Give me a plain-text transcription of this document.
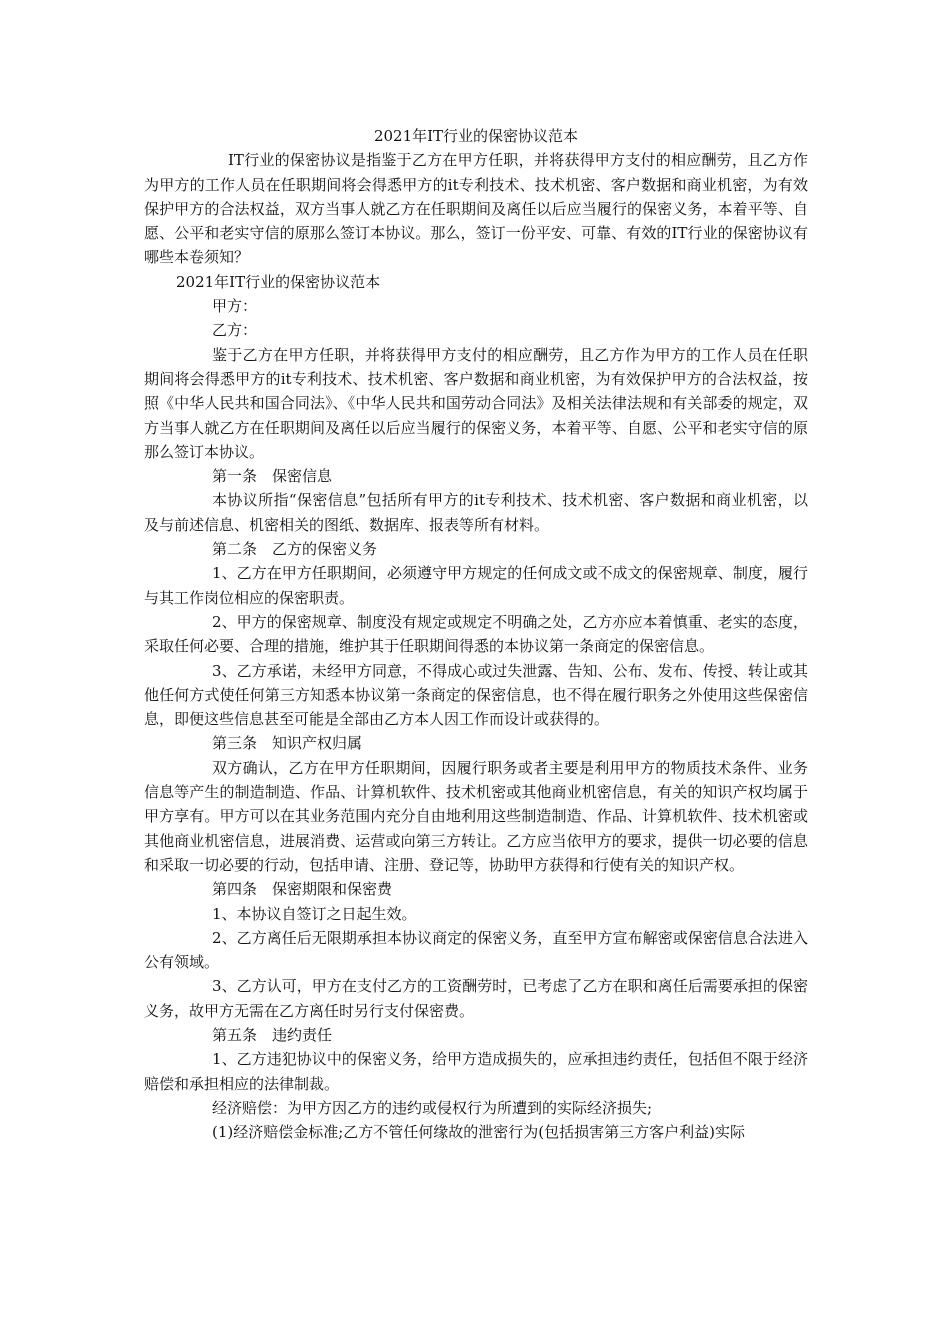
2021年IT行业的保密协议范本

IT行业的保密协议是指鉴于乙方在甲方任职，并将获得甲方支付的相应酬劳，且乙方作为甲方的工作人员在任职期间将会得悉甲方的it专利技术、技术机密、客户数据和商业机密，为有效保护甲方的合法权益，双方当事人就乙方在任职期间及离任以后应当履行的保密义务，本着平等、自愿、公平和老实守信的原那么签订本协议。那么，签订一份平安、可靠、有效的IT行业的保密协议有哪些本卷须知？

2021年IT行业的保密协议范本

甲方：

乙方：

鉴于乙方在甲方任职，并将获得甲方支付的相应酬劳，且乙方作为甲方的工作人员在任职期间将会得悉甲方的it专利技术、技术机密、客户数据和商业机密，为有效保护甲方的合法权益，按照《中华人民共和国合同法》、《中华人民共和国劳动合同法》及相关法律法规和有关部委的规定，双方当事人就乙方在任职期间及离任以后应当履行的保密义务，本着平等、自愿、公平和老实守信的原那么签订本协议。

第一条　保密信息

本协议所指“保密信息”包括所有甲方的it专利技术、技术机密、客户数据和商业机密，以及与前述信息、机密相关的图纸、数据库、报表等所有材料。

第二条　乙方的保密义务

1、乙方在甲方任职期间，必须遵守甲方规定的任何成文或不成文的保密规章、制度，履行与其工作岗位相应的保密职责。

2、甲方的保密规章、制度没有规定或规定不明确之处，乙方亦应本着慎重、老实的态度，采取任何必要、合理的措施，维护其于任职期间得悉的本协议第一条商定的保密信息。

3、乙方承诺，未经甲方同意，不得成心或过失泄露、告知、公布、发布、传授、转让或其他任何方式使任何第三方知悉本协议第一条商定的保密信息，也不得在履行职务之外使用这些保密信息，即便这些信息甚至可能是全部由乙方本人因工作而设计或获得的。

第三条　知识产权归属

双方确认，乙方在甲方任职期间，因履行职务或者主要是利用甲方的物质技术条件、业务信息等产生的制造制造、作品、计算机软件、技术机密或其他商业机密信息，有关的知识产权均属于甲方享有。甲方可以在其业务范围内充分自由地利用这些制造制造、作品、计算机软件、技术机密或其他商业机密信息，进展消费、运营或向第三方转让。乙方应当依甲方的要求，提供一切必要的信息和采取一切必要的行动，包括申请、注册、登记等，协助甲方获得和行使有关的知识产权。

第四条　保密期限和保密费

1、本协议自签订之日起生效。

2、乙方离任后无限期承担本协议商定的保密义务，直至甲方宣布解密或保密信息合法进入公有领域。

3、乙方认可，甲方在支付乙方的工资酬劳时，已考虑了乙方在职和离任后需要承担的保密义务，故甲方无需在乙方离任时另行支付保密费。

第五条　违约责任

1、乙方违犯协议中的保密义务，给甲方造成损失的，应承担违约责任，包括但不限于经济赔偿和承担相应的法律制裁。

经济赔偿：为甲方因乙方的违约或侵权行为所遭到的实际经济损失;

(1)经济赔偿金标准;乙方不管任何缘故的泄密行为(包括损害第三方客户利益)实际
